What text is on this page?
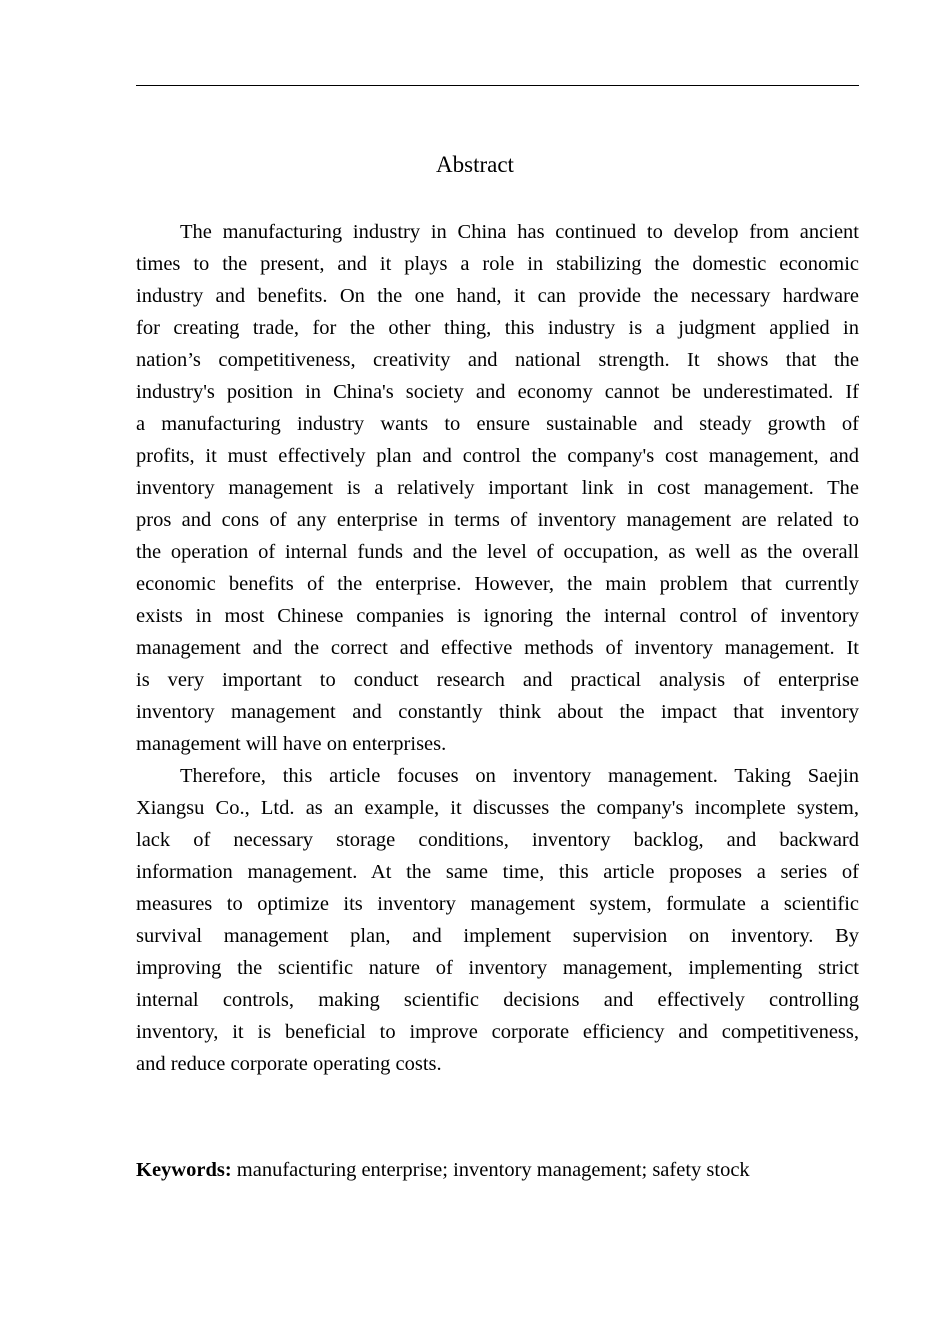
Abstract
The manufacturing industry in China has continued to develop from ancient
times to the present, and it plays a role in stabilizing the domestic economic
industry and benefits. On the one hand, it can provide the necessary hardware
for creating trade, for the other thing, this industry is a judgment applied in
nation’s competitiveness, creativity and national strength. It shows that the
industry's position in China's society and economy cannot be underestimated. If
a manufacturing industry wants to ensure sustainable and steady growth of
profits, it must effectively plan and control the company's cost management, and
inventory management is a relatively important link in cost management. The
pros and cons of any enterprise in terms of inventory management are related to
the operation of internal funds and the level of occupation, as well as the overall
economic benefits of the enterprise. However, the main problem that currently
exists in most Chinese companies is ignoring the internal control of inventory
management and the correct and effective methods of inventory management. It
is very important to conduct research and practical analysis of enterprise
inventory management and constantly think about the impact that inventory
management will have on enterprises.
Therefore, this article focuses on inventory management. Taking Saejin
Xiangsu Co., Ltd. as an example, it discusses the company's incomplete system,
lack of necessary storage conditions, inventory backlog, and backward
information management. At the same time, this article proposes a series of
measures to optimize its inventory management system, formulate a scientific
survival management plan, and implement supervision on inventory. By
improving the scientific nature of inventory management, implementing strict
internal controls, making scientific decisions and effectively controlling
inventory, it is beneficial to improve corporate efficiency and competitiveness,
and reduce corporate operating costs.
Keywords: manufacturing enterprise; inventory management; safety stock
